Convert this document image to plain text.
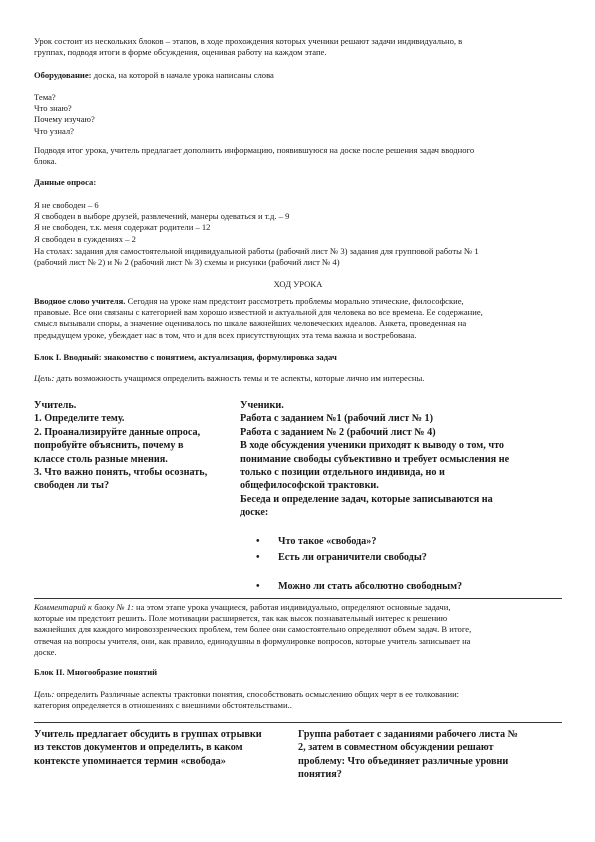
Урок состоит из нескольких блоков – этапов, в ходе прохождения которых ученики решают задачи индивидуально, в
группах, подводя итоги в форме обсуждения, оценивая работу на каждом этапе.
Оборудование: доска, на которой в начале урока написаны слова
Тема?
Что знаю?
Почему изучаю?
Что узнал?
Подводя итог урока, учитель предлагает дополнить информацию, появившуюся на доске после решения задач вводного
блока.
Данные опроса:
Я не свободен – 6
Я свободен в выборе друзей, развлечений, манеры одеваться и т.д. – 9
Я не свободен, т.к. меня содержат родители – 12
Я свободен в суждениях – 2
На столах: задания для самостоятельной индивидуальной работы (рабочий лист № 3) задания для групповой работы № 1
(рабочий лист № 2) и № 2 (рабочий лист № 3) схемы и рисунки (рабочий лист № 4)
ХОД УРОКА
Вводное слово учителя. Сегодня на уроке нам предстоит рассмотреть проблемы морально этические, философские,
правовые. Все они связаны с категорией вам хорошо известной и актуальной для человека во все времена. Ее содержание,
смысл вызывали споры, а значение оценивалось по шкале важнейших человеческих идеалов. Анкета, проведенная на
предыдущем уроке, убеждает нас в том, что и для всех присутствующих эта тема важна и востребована.
Блок I. Вводный: знакомство с понятием, актуализация, формулировка задач
Цель: дать возможность учащимся определить важность темы и те аспекты, которые лично им интересны.
Учитель.
1. Определите тему.
2. Проанализируйте данные опроса,
попробуйте объяснить, почему в
классе столь разные мнения.
3. Что важно понять, чтобы осознать,
свободен ли ты?
Ученики.
Работа с заданием №1 (рабочий лист № 1)
Работа с заданием № 2 (рабочий лист № 4)
В ходе обсуждения ученики приходят к выводу о том, что
понимание свободы субъективно и требует осмысления не
только с позиции отдельного индивида, но и
общефилософской трактовки.
Беседа и определение задач, которые записываются на
доске:
• Что такое «свобода»?
• Есть ли ограничители свободы?
• Можно ли стать абсолютно свободным?
Комментарий к блоку № 1: на этом этапе урока учащиеся, работая индивидуально, определяют основные задачи,
которые им предстоит решить. Поле мотивации расширяется, так как высок познавательный интерес к решению
важнейших для каждого мировоззренческих проблем, тем более они самостоятельно определяют объем задач. В итоге,
отвечая на вопросы учителя, они, как правило, единодушны в формулировке вопросов, которые учитель записывает на
доске.
Блок II. Многообразие понятий
Цель: определить Различные аспекты трактовки понятия, способствовать осмыслению общих черт в ее толковании:
категория определяется в отношениях с внешними обстоятельствами..
Учитель предлагает обсудить в группах отрывки
из текстов документов и определить, в каком
контексте упоминается термин «свобода»
Группа работает с заданиями рабочего листа №
2, затем в совместном обсуждении решают
проблему: Что объединяет различные уровни
понятия?
